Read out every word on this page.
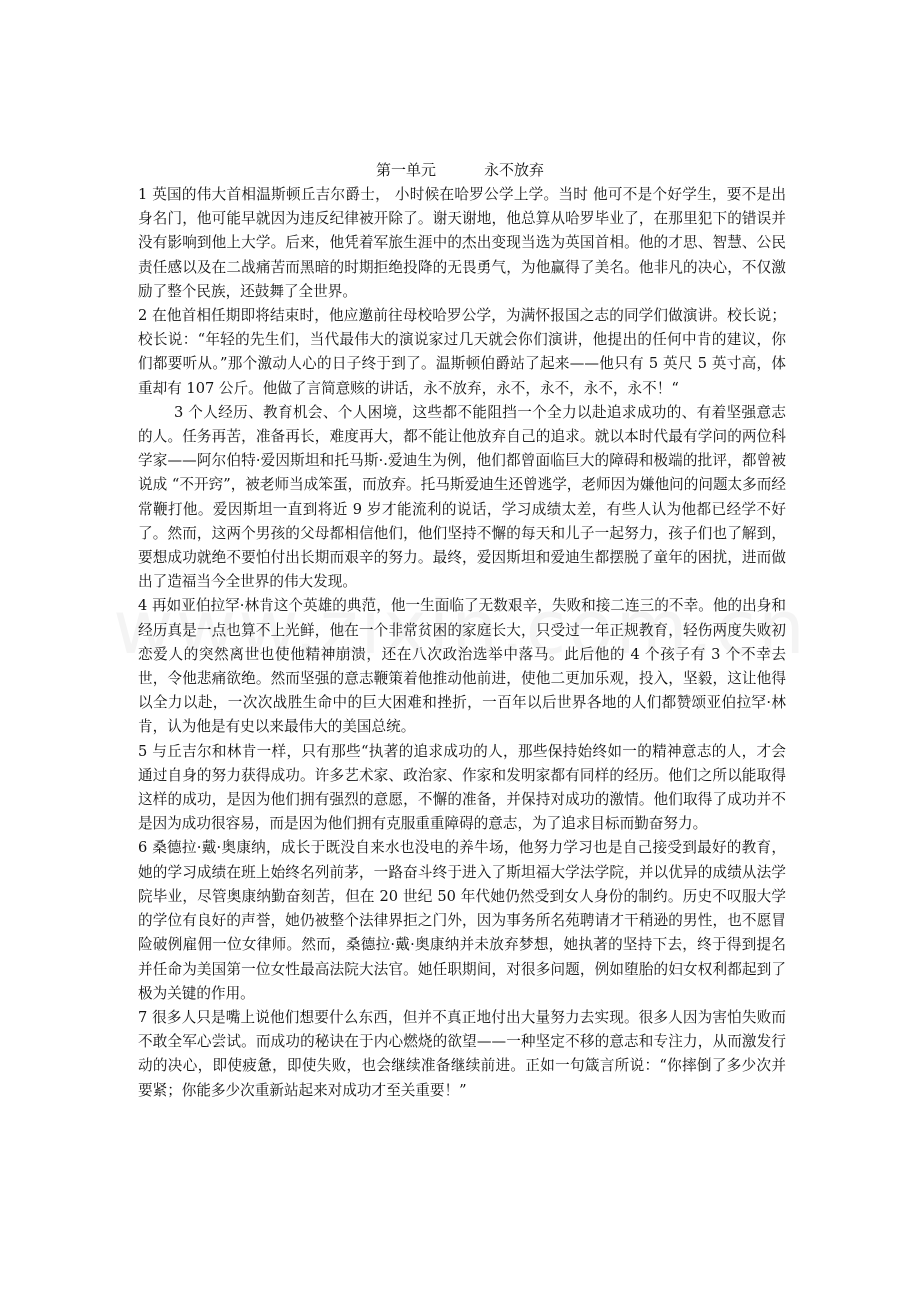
第一单元	永不放弃

1 英国的伟大首相温斯顿丘吉尔爵士， 小时候在哈罗公学上学。当时 他可不是个好学生，要不是出身名门，他可能早就因为违反纪律被开除了。谢天谢地，他总算从哈罗毕业了，在那里犯下的错误并没有影响到他上大学。后来，他凭着军旅生涯中的杰出变现当选为英国首相。他的才思、智慧、公民责任感以及在二战痛苦而黑暗的时期拒绝投降的无畏勇气，为他赢得了美名。他非凡的决心，不仅激励了整个民族，还鼓舞了全世界。

2 在他首相任期即将结束时，他应邀前往母校哈罗公学，为满怀报国之志的同学们做演讲。校长说；校长说：“年轻的先生们，当代最伟大的演说家过几天就会你们演讲，他提出的任何中肯的建议，你们都要听从。”那个激动人心的日子终于到了。温斯顿伯爵站了起来——他只有 5 英尺 5 英寸高，体重却有 107 公斤。他做了言简意赅的讲话，永不放弃，永不，永不，永不，永不！“

3 个人经历、教育机会、个人困境，这些都不能阻挡一个全力以赴追求成功的、有着坚强意志的人。任务再苦，准备再长，难度再大，都不能让他放弃自己的追求。就以本时代最有学问的两位科学家——阿尔伯特·爱因斯坦和托马斯·.爱迪生为例，他们都曾面临巨大的障碍和极端的批评，都曾被说成 “不开窍”，被老师当成笨蛋，而放弃。托马斯爱迪生还曾逃学，老师因为嫌他问的问题太多而经常鞭打他。爱因斯坦一直到将近 9 岁才能流利的说话，学习成绩太差，有些人认为他都已经学不好了。然而，这两个男孩的父母都相信他们，他们坚持不懈的每天和儿子一起努力，孩子们也了解到，要想成功就绝不要怕付出长期而艰辛的努力。最终，爱因斯坦和爱迪生都摆脱了童年的困扰，进而做出了造福当今全世界的伟大发现。

4 再如亚伯拉罕·林肯这个英雄的典范，他一生面临了无数艰辛，失败和接二连三的不幸。他的出身和经历真是一点也算不上光鲜，他在一个非常贫困的家庭长大，只受过一年正规教育，轻伤两度失败初恋爱人的突然离世也使他精神崩溃，还在八次政治选举中落马。此后他的 4 个孩子有 3 个不幸去世，令他悲痛欲绝。然而坚强的意志鞭策着他推动他前进，使他二更加乐观，投入，坚毅，这让他得以全力以赴，一次次战胜生命中的巨大困难和挫折，一百年以后世界各地的人们都赞颂亚伯拉罕·林肯，认为他是有史以来最伟大的美国总统。

5 与丘吉尔和林肯一样，只有那些“执著的追求成功的人，那些保持始终如一的精神意志的人，才会通过自身的努力获得成功。许多艺术家、政治家、作家和发明家都有同样的经历。他们之所以能取得这样的成功，是因为他们拥有强烈的意愿，不懈的准备，并保持对成功的激情。他们取得了成功并不是因为成功很容易，而是因为他们拥有克服重重障碍的意志，为了追求目标而勤奋努力。

6 桑德拉·戴·奥康纳，成长于既没自来水也没电的养牛场，他努力学习也是自己接受到最好的教育，她的学习成绩在班上始终名列前茅，一路奋斗终于进入了斯坦福大学法学院，并以优异的成绩从法学院毕业，尽管奥康纳勤奋刻苦，但在 20 世纪 50 年代她仍然受到女人身份的制约。历史不叹服大学的学位有良好的声誉，她仍被整个法律界拒之门外，因为事务所名苑聘请才干稍逊的男性，也不愿冒险破例雇佣一位女律师。然而，桑德拉·戴·奥康纳并未放弃梦想，她执著的坚持下去，终于得到提名并任命为美国第一位女性最高法院大法官。她任职期间，对很多问题，例如堕胎的妇女权利都起到了极为关键的作用。

7 很多人只是嘴上说他们想要什么东西，但并不真正地付出大量努力去实现。很多人因为害怕失败而不敢全军心尝试。而成功的秘诀在于内心燃烧的欲望——一种坚定不移的意志和专注力，从而激发行动的决心，即使疲惫，即使失败，也会继续准备继续前进。正如一句箴言所说：“你摔倒了多少次并要紧；你能多少次重新站起来对成功才至关重要！”
